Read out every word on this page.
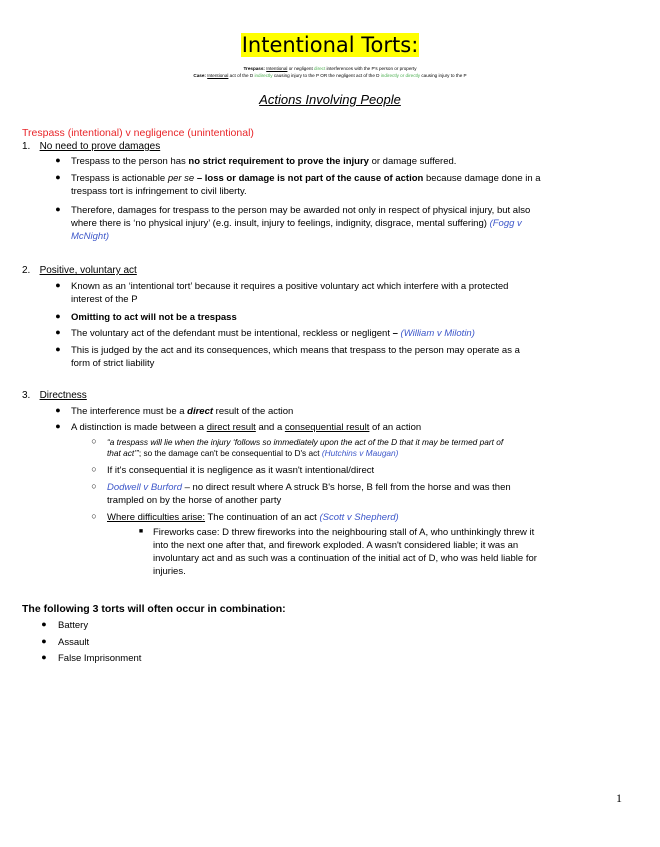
Intentional Torts:
Trespass: Intentional or negligent direct interferences with the P's person or property
Case: Intentional act of the D indirectly causing injury to the P OR the negligent act of the D indirectly or directly causing injury to the P
Actions Involving People
Trespass (intentional) v negligence (unintentional)
1. No need to prove damages
● Trespass to the person has no strict requirement to prove the injury or damage suffered.
● Trespass is actionable per se – loss or damage is not part of the cause of action because damage done in a
trespass tort is infringement to civil liberty.
● Therefore, damages for trespass to the person may be awarded not only in respect of physical injury, but also
where there is ‘no physical injury’ (e.g. insult, injury to feelings, indignity, disgrace, mental suffering) (Fogg v
McNight)
2. Positive, voluntary act
● Known as an ‘intentional tort’ because it requires a positive voluntary act which interfere with a protected
interest of the P
● Omitting to act will not be a trespass
● The voluntary act of the defendant must be intentional, reckless or negligent – (William v Milotin)
● This is judged by the act and its consequences, which means that trespass to the person may operate as a
form of strict liability
3. Directness
● The interference must be a direct result of the action
● A distinction is made between a direct result and a consequential result of an action
○ “a trespass will lie when the injury ‘follows so immediately upon the act of the D that it may be termed part of
that act’”; so the damage can't be consequential to D's act (Hutchins v Maugan)
○ If it's consequential it is negligence as it wasn't intentional/direct
○ Dodwell v Burford – no direct result where A struck B's horse, B fell from the horse and was then
trampled on by the horse of another party
○ Where difficulties arise: The continuation of an act (Scott v Shepherd)
■ Fireworks case: D threw fireworks into the neighbouring stall of A, who unthinkingly threw it
into the next one after that, and firework exploded. A wasn't considered liable; it was an
involuntary act and as such was a continuation of the initial act of D, who was held liable for
injuries.
The following 3 torts will often occur in combination:
● Battery
● Assault
● False Imprisonment
1
